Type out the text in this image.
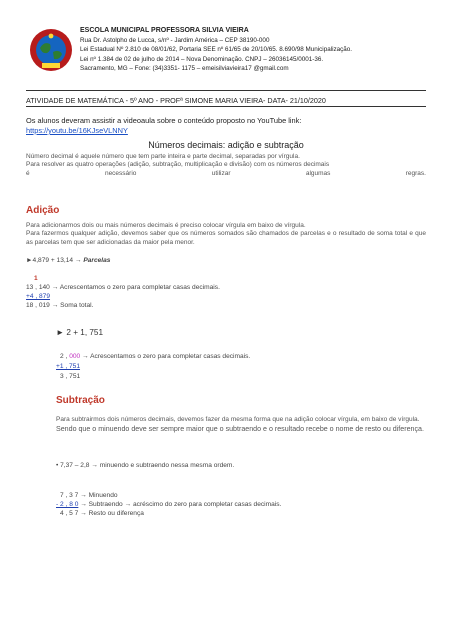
ESCOLA MUNICIPAL PROFESSORA SILVIA VIEIRA
Rua Dr. Astolpho de Lucca, s/nº - Jardim América – CEP 38190-000
Lei Estadual Nº 2.810 de 08/01/62, Portaria SEE nº 61/65 de 20/10/65. 8.690/98 Municipalização.
Lei nº 1.384 de 02 de julho de 2014 – Nova Denominação. CNPJ – 26036145/0001-36.
Sacramento, MG – Fone: (34)3351- 1175 – emeisilviavieira17 @gmail.com
ATIVIDADE DE MATEMÁTICA - 5º ANO - PROFª SIMONE MARIA VIEIRA- DATA- 21/10/2020
Os alunos deveram assistir a videoaula sobre o conteúdo proposto no YouTube link:
https://youtu.be/16KJseVLNNY
Números decimais: adição e subtração
Número decimal é aquele número que tem parte inteira e parte decimal, separadas por vírgula.
Para resolver as quatro operações (adição, subtração, multiplicação e divisão) com os números decimais
é	necessário	utilizar	algumas	regras.
Adição
Para adicionarmos dois ou mais números decimais é preciso colocar vírgula em baixo de vírgula.
Para fazermos qualquer adição, devemos saber que os números somados são chamados de parcelas e o resultado de soma total e que as parcelas tem que ser adicionadas da maior pela menor.
►4,879 + 13,14 → Parcelas
1
13 , 140 → Acrescentamos o zero para completar casas decimais.
+4 , 879
18 , 019 → Soma total.
► 2 + 1, 751
2 , 000 → Acrescentamos o zero para completar casas decimais.
+1 , 751
3 , 751
Subtração
Para subtrairmos dois números decimais, devemos fazer da mesma forma que na adição colocar vírgula, em baixo de vírgula.
Sendo que o minuendo deve ser sempre maior que o subtraendo e o resultado recebe o nome de resto ou diferença.
• 7,37 – 2,8 → minuendo e subtraendo nessa mesma ordem.
7 , 3 7 → Minuendo
- 2 , 8 0 → Subtraendo → acréscimo do zero para completar casas decimais.
4 , 5 7 → Resto ou diferença
